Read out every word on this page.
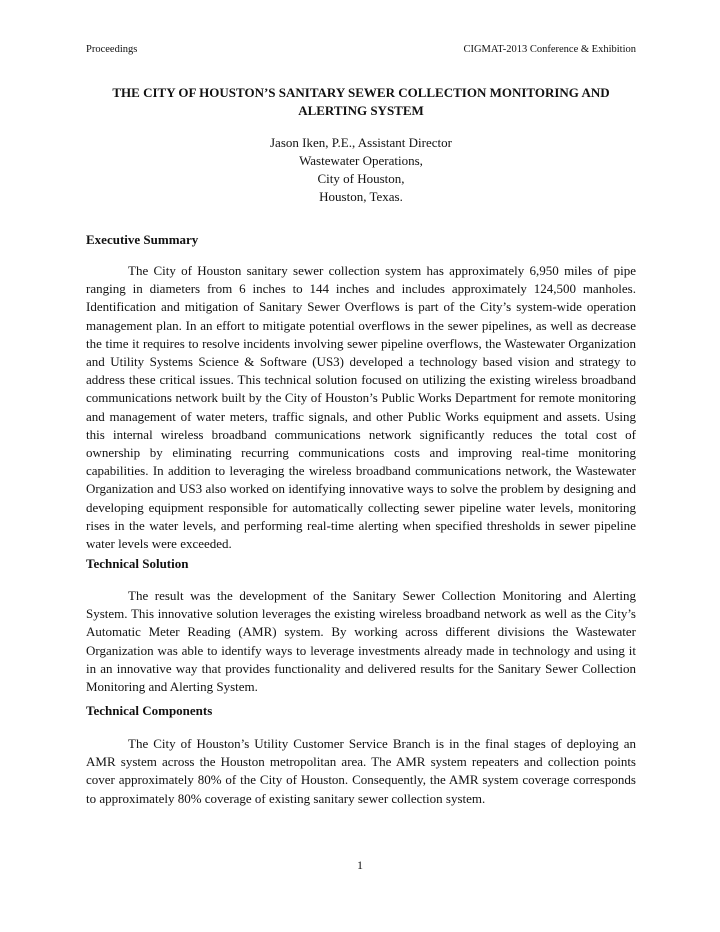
Proceedings	CIGMAT-2013 Conference & Exhibition
THE CITY OF HOUSTON’S SANITARY SEWER COLLECTION MONITORING AND ALERTING SYSTEM
Jason Iken, P.E., Assistant Director
Wastewater Operations,
City of Houston,
Houston, Texas.
Executive Summary

The City of Houston sanitary sewer collection system has approximately 6,950 miles of pipe ranging in diameters from 6 inches to 144 inches and includes approximately 124,500 manholes. Identification and mitigation of Sanitary Sewer Overflows is part of the City’s system-wide operation management plan. In an effort to mitigate potential overflows in the sewer pipelines, as well as decrease the time it requires to resolve incidents involving sewer pipeline overflows, the Wastewater Organization and Utility Systems Science & Software (US3) developed a technology based vision and strategy to address these critical issues. This technical solution focused on utilizing the existing wireless broadband communications network built by the City of Houston’s Public Works Department for remote monitoring and management of water meters, traffic signals, and other Public Works equipment and assets. Using this internal wireless broadband communications network significantly reduces the total cost of ownership by eliminating recurring communications costs and improving real-time monitoring capabilities. In addition to leveraging the wireless broadband communications network, the Wastewater Organization and US3 also worked on identifying innovative ways to solve the problem by designing and developing equipment responsible for automatically collecting sewer pipeline water levels, monitoring rises in the water levels, and performing real-time alerting when specified thresholds in sewer pipeline water levels were exceeded.

Technical Solution

The result was the development of the Sanitary Sewer Collection Monitoring and Alerting System. This innovative solution leverages the existing wireless broadband network as well as the City’s Automatic Meter Reading (AMR) system. By working across different divisions the Wastewater Organization was able to identify ways to leverage investments already made in technology and using it in an innovative way that provides functionality and delivered results for the Sanitary Sewer Collection Monitoring and Alerting System.

Technical Components

The City of Houston’s Utility Customer Service Branch is in the final stages of deploying an AMR system across the Houston metropolitan area. The AMR system repeaters and collection points cover approximately 80% of the City of Houston. Consequently, the AMR system coverage corresponds to approximately 80% coverage of existing sanitary sewer collection system.

1
